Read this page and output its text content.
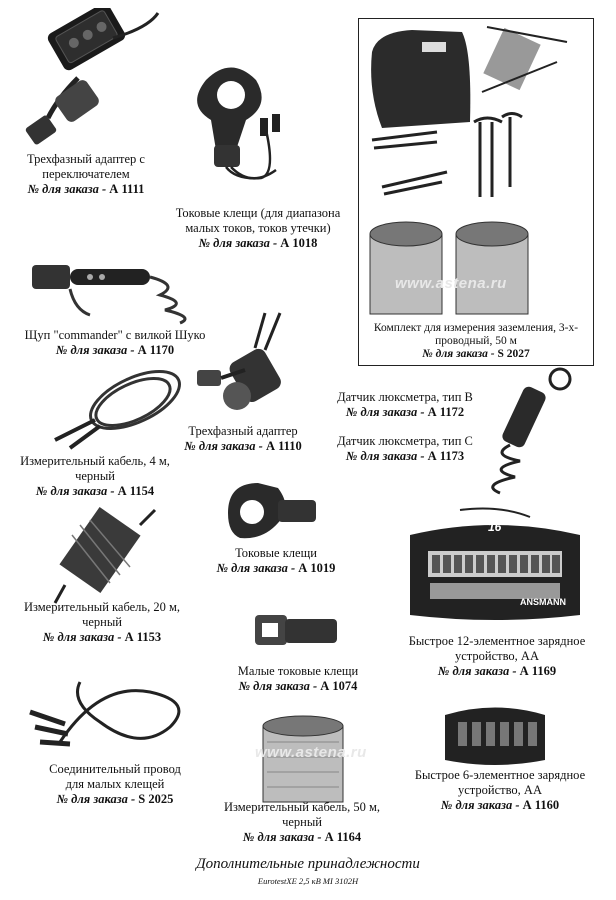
ANSMANN
16
www.astena.ru
www.astena.ru
Трехфазный адаптер с переключателем
№ для заказа - А 1111
Токовые клещи (для диапазона малых токов, токов утечки)
№ для заказа - А 1018
Комплект для измерения заземления, 3-х-проводный, 50 м
№ для заказа - S 2027
Щуп "commander" с вилкой Шуко
№ для заказа - А 1170
Трехфазный адаптер
№ для заказа - А 1110
Датчик люксметра, тип В
№ для заказа - А 1172
Датчик люксметра, тип С
№ для заказа - А 1173
Измерительный кабель, 4 м, черный
№ для заказа - А 1154
Токовые клещи
№ для заказа - А 1019
Измерительный кабель, 20 м, черный
№ для заказа - А 1153
Малые токовые клещи
№ для заказа - А 1074
Быстрое 12-элементное зарядное устройство, АА
№ для заказа - А 1169
Соединительный провод для малых клещей
№ для заказа - S 2025
Измерительный кабель, 50 м, черный
№ для заказа - А 1164
Быстрое 6-элементное зарядное устройство, АА
№ для заказа - А 1160
Дополнительные принадлежности
EurotestXE 2,5 кВ MI 3102H
